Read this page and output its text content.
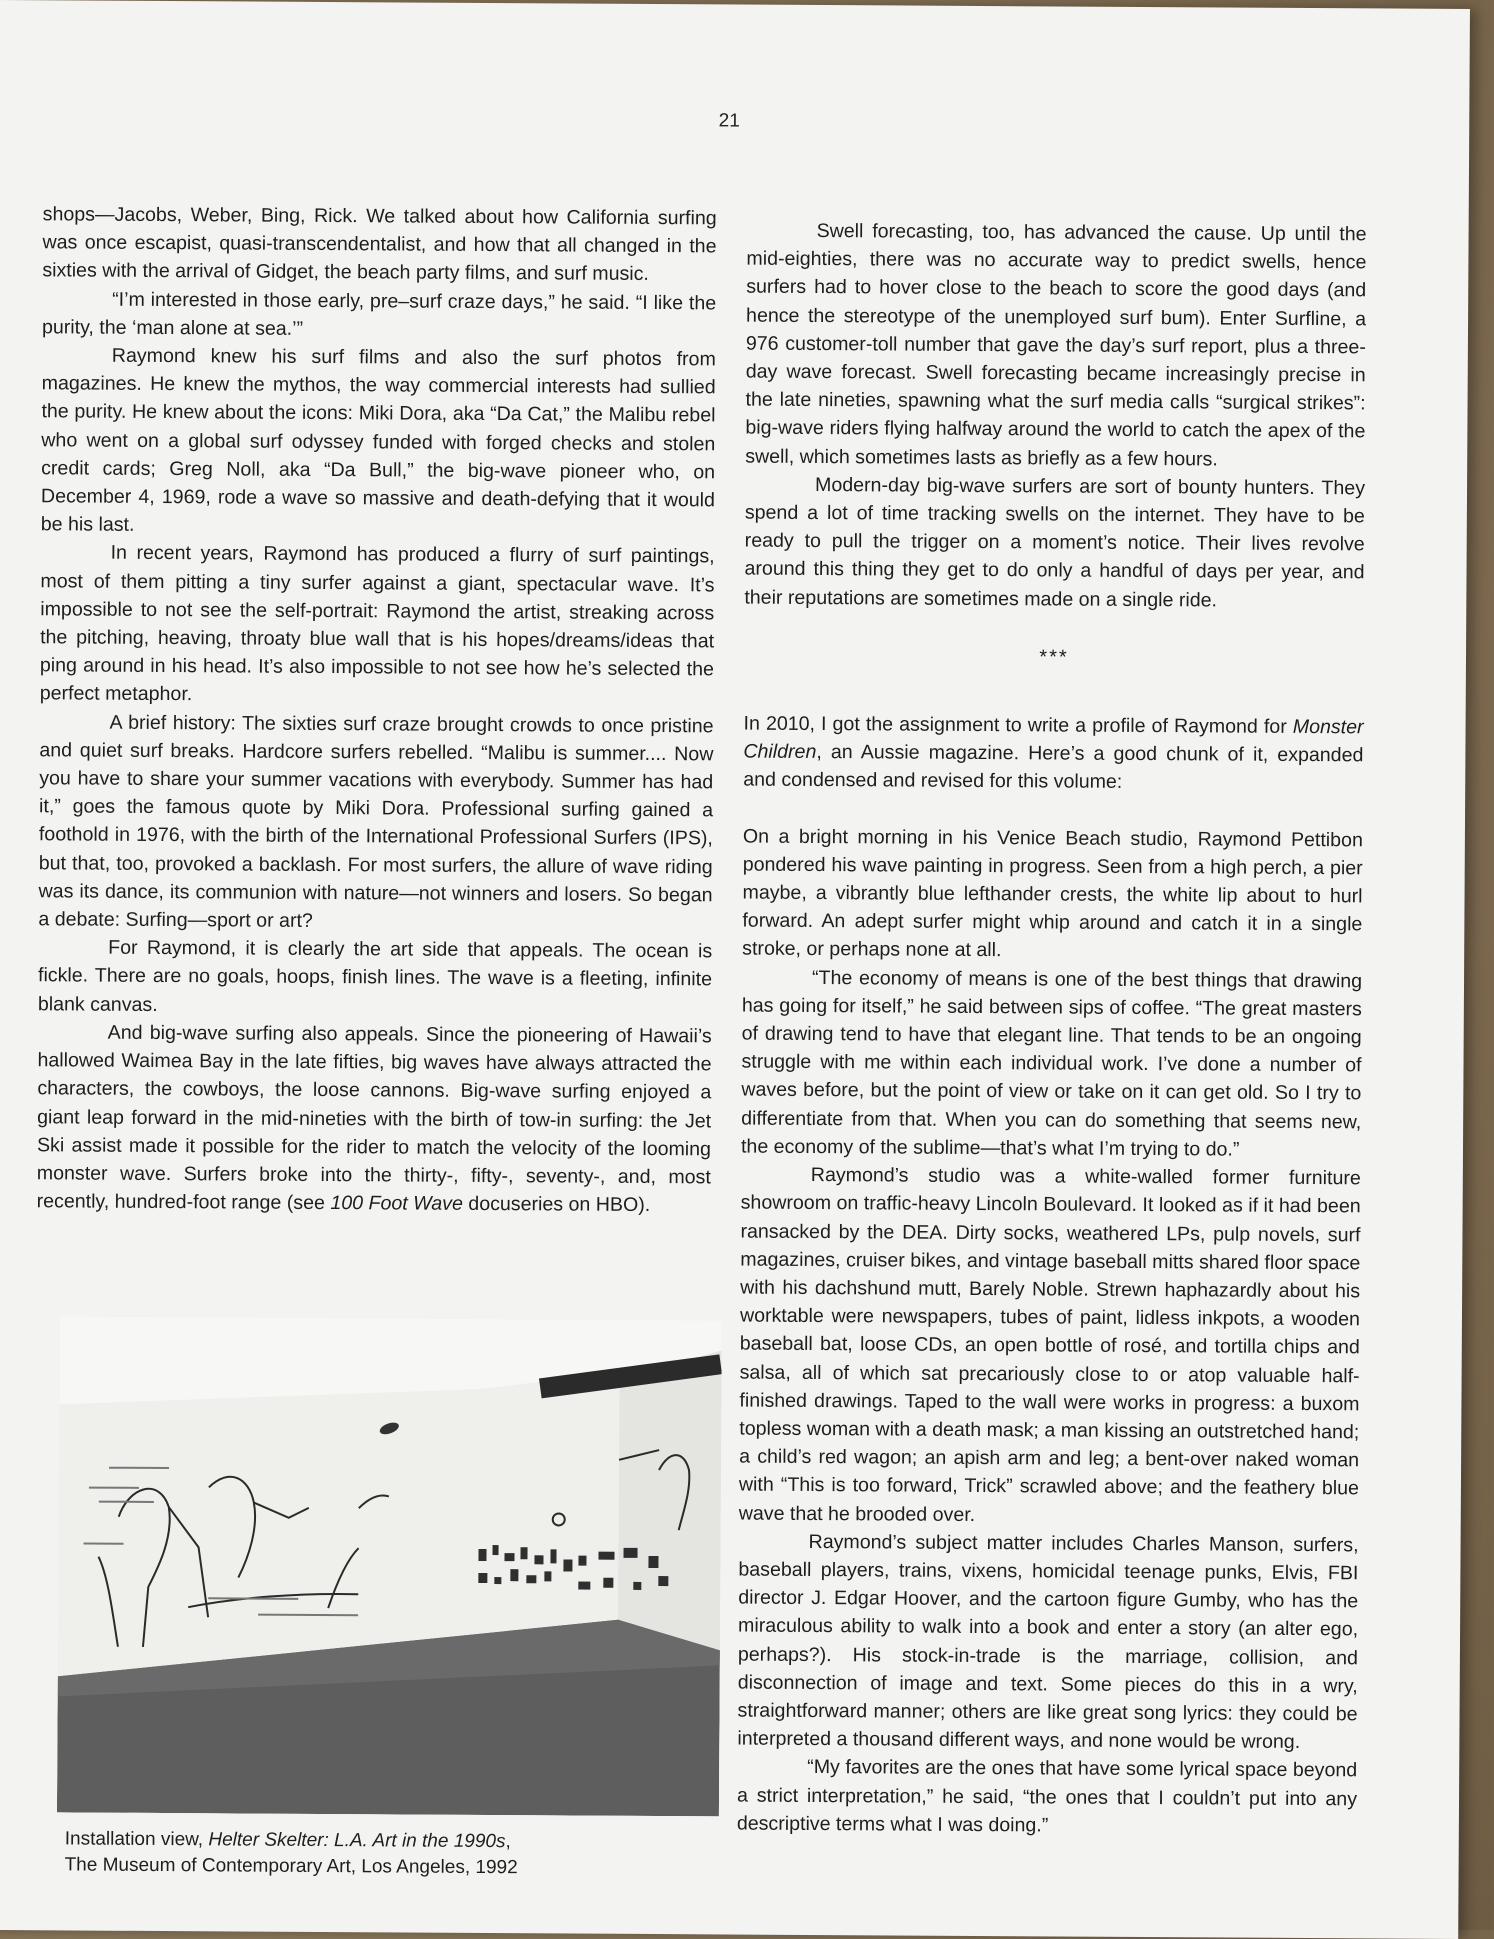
21

shops—Jacobs, Weber, Bing, Rick. We talked about how California surfing was once escapist, quasi-transcendentalist, and how that all changed in the sixties with the arrival of Gidget, the beach party films, and surf music.

“I’m interested in those early, pre–surf craze days,” he said. “I like the purity, the ‘man alone at sea.’”

Raymond knew his surf films and also the surf photos from magazines. He knew the mythos, the way commercial interests had sullied the purity. He knew about the icons: Miki Dora, aka “Da Cat,” the Malibu rebel who went on a global surf odyssey funded with forged checks and stolen credit cards; Greg Noll, aka “Da Bull,” the big-wave pioneer who, on December 4, 1969, rode a wave so massive and death-defying that it would be his last.

In recent years, Raymond has produced a flurry of surf paintings, most of them pitting a tiny surfer against a giant, spectacular wave. It’s impossible to not see the self-portrait: Raymond the artist, streaking across the pitching, heaving, throaty blue wall that is his hopes/dreams/ideas that ping around in his head. It’s also impossible to not see how he’s selected the perfect metaphor.

A brief history: The sixties surf craze brought crowds to once pristine and quiet surf breaks. Hardcore surfers rebelled. “Malibu is summer.... Now you have to share your summer vacations with everybody. Summer has had it,” goes the famous quote by Miki Dora. Professional surfing gained a foothold in 1976, with the birth of the International Professional Surfers (IPS), but that, too, provoked a backlash. For most surfers, the allure of wave riding was its dance, its communion with nature—not winners and losers. So began a debate: Surfing—sport or art?

For Raymond, it is clearly the art side that appeals. The ocean is fickle. There are no goals, hoops, finish lines. The wave is a fleeting, infinite blank canvas.

And big-wave surfing also appeals. Since the pioneering of Hawaii’s hallowed Waimea Bay in the late fifties, big waves have always attracted the characters, the cowboys, the loose cannons. Big-wave surfing enjoyed a giant leap forward in the mid-nineties with the birth of tow-in surfing: the Jet Ski assist made it possible for the rider to match the velocity of the looming monster wave. Surfers broke into the thirty-, fifty-, seventy-, and, most recently, hundred-foot range (see 100 Foot Wave docuseries on HBO).

Swell forecasting, too, has advanced the cause. Up until the mid-eighties, there was no accurate way to predict swells, hence surfers had to hover close to the beach to score the good days (and hence the stereotype of the unemployed surf bum). Enter Surfline, a 976 customer-toll number that gave the day’s surf report, plus a three-day wave forecast. Swell forecasting became increasingly precise in the late nineties, spawning what the surf media calls “surgical strikes”: big-wave riders flying halfway around the world to catch the apex of the swell, which sometimes lasts as briefly as a few hours.

Modern-day big-wave surfers are sort of bounty hunters. They spend a lot of time tracking swells on the internet. They have to be ready to pull the trigger on a moment’s notice. Their lives revolve around this thing they get to do only a handful of days per year, and their reputations are sometimes made on a single ride.

***

In 2010, I got the assignment to write a profile of Raymond for Monster Children, an Aussie magazine. Here’s a good chunk of it, expanded and condensed and revised for this volume:

On a bright morning in his Venice Beach studio, Raymond Pettibon pondered his wave painting in progress. Seen from a high perch, a pier maybe, a vibrantly blue lefthander crests, the white lip about to hurl forward. An adept surfer might whip around and catch it in a single stroke, or perhaps none at all.

“The economy of means is one of the best things that drawing has going for itself,” he said between sips of coffee. “The great masters of drawing tend to have that elegant line. That tends to be an ongoing struggle with me within each individual work. I’ve done a number of waves before, but the point of view or take on it can get old. So I try to differentiate from that. When you can do something that seems new, the economy of the sublime—that’s what I’m trying to do.”

Raymond’s studio was a white-walled former furniture showroom on traffic-heavy Lincoln Boulevard. It looked as if it had been ransacked by the DEA. Dirty socks, weathered LPs, pulp novels, surf magazines, cruiser bikes, and vintage baseball mitts shared floor space with his dachshund mutt, Barely Noble. Strewn haphazardly about his worktable were newspapers, tubes of paint, lidless inkpots, a wooden baseball bat, loose CDs, an open bottle of rosé, and tortilla chips and salsa, all of which sat precariously close to or atop valuable half-finished drawings. Taped to the wall were works in progress: a buxom topless woman with a death mask; a man kissing an outstretched hand; a child’s red wagon; an apish arm and leg; a bent-over naked woman with “This is too forward, Trick” scrawled above; and the feathery blue wave that he brooded over.

Raymond’s subject matter includes Charles Manson, surfers, baseball players, trains, vixens, homicidal teenage punks, Elvis, FBI director J. Edgar Hoover, and the cartoon figure Gumby, who has the miraculous ability to walk into a book and enter a story (an alter ego, perhaps?). His stock-in-trade is the marriage, collision, and disconnection of image and text. Some pieces do this in a wry, straightforward manner; others are like great song lyrics: they could be interpreted a thousand different ways, and none would be wrong.

“My favorites are the ones that have some lyrical space beyond a strict interpretation,” he said, “the ones that I couldn’t put into any descriptive terms what I was doing.”

Installation view, Helter Skelter: L.A. Art in the 1990s,
The Museum of Contemporary Art, Los Angeles, 1992
